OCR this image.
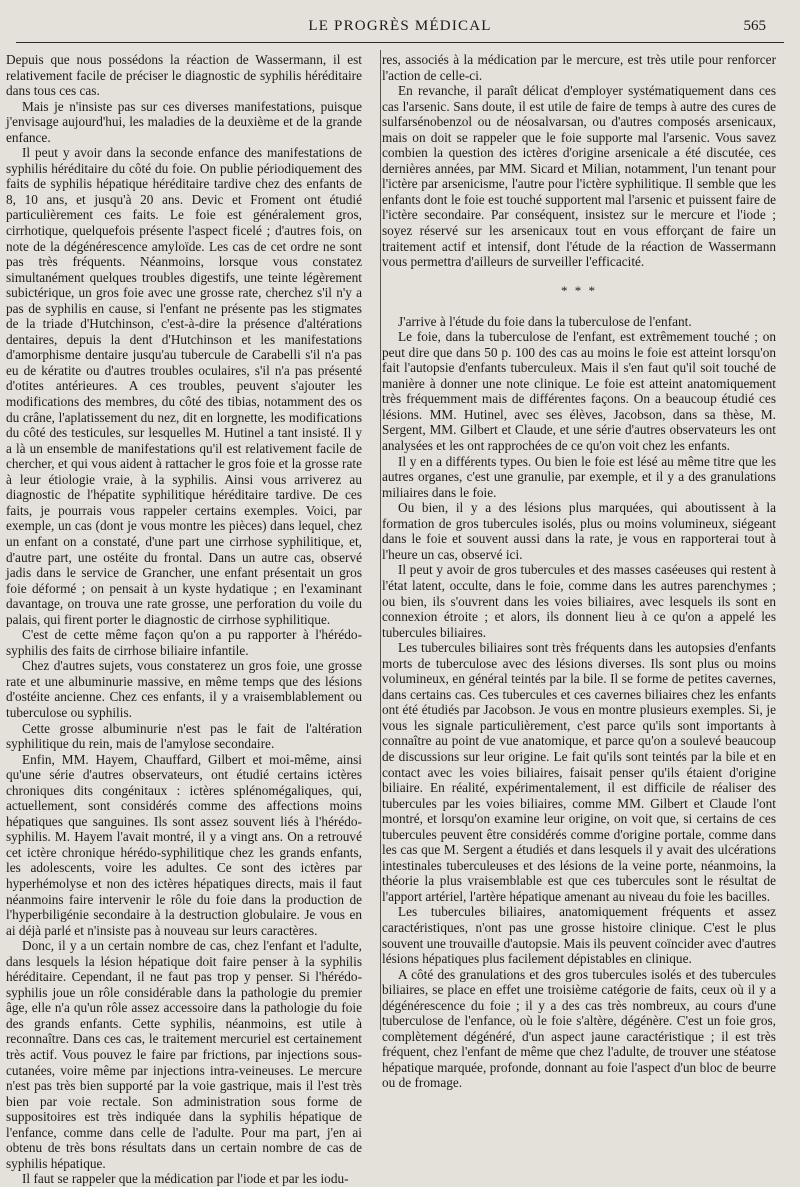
LE PROGRÈS MÉDICAL	565

Depuis que nous possédons la réaction de Wassermann, il est relativement facile de préciser le diagnostic de syphilis héréditaire dans tous ces cas.

Mais je n'insiste pas sur ces diverses manifestations, puisque j'envisage aujourd'hui, les maladies de la deuxième et de la grande enfance.

Il peut y avoir dans la seconde enfance des manifestations de syphilis héréditaire du côté du foie. On publie périodiquement des faits de syphilis hépatique héréditaire tardive chez des enfants de 8, 10 ans, et jusqu'à 20 ans. Devic et Froment ont étudié particulièrement ces faits. Le foie est généralement gros, cirrhotique, quelquefois présente l'aspect ficelé ; d'autres fois, on note de la dégénérescence amyloïde. Les cas de cet ordre ne sont pas très fréquents. Néanmoins, lorsque vous constatez simultanément quelques troubles digestifs, une teinte légèrement subictérique, un gros foie avec une grosse rate, cherchez s'il n'y a pas de syphilis en cause, si l'enfant ne présente pas les stigmates de la triade d'Hutchinson, c'est-à-dire la présence d'altérations dentaires, depuis la dent d'Hutchinson et les manifestations d'amorphisme dentaire jusqu'au tubercule de Carabelli s'il n'a pas eu de kératite ou d'autres troubles oculaires, s'il n'a pas présenté d'otites antérieures. A ces troubles, peuvent s'ajouter les modifications des membres, du côté des tibias, notamment des os du crâne, l'aplatissement du nez, dit en lorgnette, les modifications du côté des testicules, sur lesquelles M. Hutinel a tant insisté. Il y a là un ensemble de manifestations qu'il est relativement facile de chercher, et qui vous aident à rattacher le gros foie et la grosse rate à leur étiologie vraie, à la syphilis. Ainsi vous arriverez au diagnostic de l'hépatite syphilitique héréditaire tardive. De ces faits, je pourrais vous rappeler certains exemples. Voici, par exemple, un cas (dont je vous montre les pièces) dans lequel, chez un enfant on a constaté, d'une part une cirrhose syphilitique, et, d'autre part, une ostéite du frontal. Dans un autre cas, observé jadis dans le service de Grancher, une enfant présentait un gros foie déformé ; on pensait à un kyste hydatique ; en l'examinant davantage, on trouva une rate grosse, une perforation du voile du palais, qui firent porter le diagnostic de cirrhose syphilitique.

C'est de cette même façon qu'on a pu rapporter à l'hérédo-syphilis des faits de cirrhose biliaire infantile.

Chez d'autres sujets, vous constaterez un gros foie, une grosse rate et une albuminurie massive, en même temps que des lésions d'ostéite ancienne. Chez ces enfants, il y a vraisemblablement ou tuberculose ou syphilis.

Cette grosse albuminurie n'est pas le fait de l'altération syphilitique du rein, mais de l'amylose secondaire.

Enfin, MM. Hayem, Chauffard, Gilbert et moi-même, ainsi qu'une série d'autres observateurs, ont étudié certains ictères chroniques dits congénitaux : ictères splénomégaliques, qui, actuellement, sont considérés comme des affections moins hépatiques que sanguines. Ils sont assez souvent liés à l'hérédo-syphilis. M. Hayem l'avait montré, il y a vingt ans. On a retrouvé cet ictère chronique hérédo-syphilitique chez les grands enfants, les adolescents, voire les adultes. Ce sont des ictères par hyperhémolyse et non des ictères hépatiques directs, mais il faut néanmoins faire intervenir le rôle du foie dans la production de l'hyperbiligénie secondaire à la destruction globulaire. Je vous en ai déjà parlé et n'insiste pas à nouveau sur leurs caractères.

Donc, il y a un certain nombre de cas, chez l'enfant et l'adulte, dans lesquels la lésion hépatique doit faire penser à la syphilis héréditaire. Cependant, il ne faut pas trop y penser. Si l'hérédo-syphilis joue un rôle considérable dans la pathologie du premier âge, elle n'a qu'un rôle assez accessoire dans la pathologie du foie des grands enfants. Cette syphilis, néanmoins, est utile à reconnaître. Dans ces cas, le traitement mercuriel est certainement très actif. Vous pouvez le faire par frictions, par injections sous-cutanées, voire même par injections intra-veineuses. Le mercure n'est pas très bien supporté par la voie gastrique, mais il l'est très bien par voie rectale. Son administration sous forme de suppositoires est très indiquée dans la syphilis hépatique de l'enfance, comme dans celle de l'adulte. Pour ma part, j'en ai obtenu de très bons résultats dans un certain nombre de cas de syphilis hépatique.

Il faut se rappeler que la médication par l'iode et par les iodu-

res, associés à la médication par le mercure, est très utile pour renforcer l'action de celle-ci.

En revanche, il paraît délicat d'employer systématiquement dans ces cas l'arsenic. Sans doute, il est utile de faire de temps à autre des cures de sulfarsénobenzol ou de néosalvarsan, ou d'autres composés arsenicaux, mais on doit se rappeler que le foie supporte mal l'arsenic. Vous savez combien la question des ictères d'origine arsenicale a été discutée, ces dernières années, par MM. Sicard et Milian, notamment, l'un tenant pour l'ictère par arsenicisme, l'autre pour l'ictère syphilitique. Il semble que les enfants dont le foie est touché supportent mal l'arsenic et puissent faire de l'ictère secondaire. Par conséquent, insistez sur le mercure et l'iode ; soyez réservé sur les arsenicaux tout en vous efforçant de faire un traitement actif et intensif, dont l'étude de la réaction de Wassermann vous permettra d'ailleurs de surveiller l'efficacité.

* * *

J'arrive à l'étude du foie dans la tuberculose de l'enfant.

Le foie, dans la tuberculose de l'enfant, est extrêmement touché ; on peut dire que dans 50 p. 100 des cas au moins le foie est atteint lorsqu'on fait l'autopsie d'enfants tuberculeux. Mais il s'en faut qu'il soit touché de manière à donner une note clinique. Le foie est atteint anatomiquement très fréquemment mais de différentes façons. On a beaucoup étudié ces lésions. MM. Hutinel, avec ses élèves, Jacobson, dans sa thèse, M. Sergent, MM. Gilbert et Claude, et une série d'autres observateurs les ont analysées et les ont rapprochées de ce qu'on voit chez les enfants.

Il y en a différents types. Ou bien le foie est lésé au même titre que les autres organes, c'est une granulie, par exemple, et il y a des granulations miliaires dans le foie.

Ou bien, il y a des lésions plus marquées, qui aboutissent à la formation de gros tubercules isolés, plus ou moins volumineux, siégeant dans le foie et souvent aussi dans la rate, je vous en rapporterai tout à l'heure un cas, observé ici.

Il peut y avoir de gros tubercules et des masses caséeuses qui restent à l'état latent, occulte, dans le foie, comme dans les autres parenchymes ; ou bien, ils s'ouvrent dans les voies biliaires, avec lesquels ils sont en connexion étroite ; et alors, ils donnent lieu à ce qu'on a appelé les tubercules biliaires.

Les tubercules biliaires sont très fréquents dans les autopsies d'enfants morts de tuberculose avec des lésions diverses. Ils sont plus ou moins volumineux, en général teintés par la bile. Il se forme de petites cavernes, dans certains cas. Ces tubercules et ces cavernes biliaires chez les enfants ont été étudiés par Jacobson. Je vous en montre plusieurs exemples. Si, je vous les signale particulièrement, c'est parce qu'ils sont importants à connaître au point de vue anatomique, et parce qu'on a soulevé beaucoup de discussions sur leur origine. Le fait qu'ils sont teintés par la bile et en contact avec les voies biliaires, faisait penser qu'ils étaient d'origine biliaire. En réalité, expérimentalement, il est difficile de réaliser des tubercules par les voies biliaires, comme MM. Gilbert et Claude l'ont montré, et lorsqu'on examine leur origine, on voit que, si certains de ces tubercules peuvent être considérés comme d'origine portale, comme dans les cas que M. Sergent a étudiés et dans lesquels il y avait des ulcérations intestinales tuberculeuses et des lésions de la veine porte, néanmoins, la théorie la plus vraisemblable est que ces tubercules sont le résultat de l'apport artériel, l'artère hépatique amenant au niveau du foie les bacilles.

Les tubercules biliaires, anatomiquement fréquents et assez caractéristiques, n'ont pas une grosse histoire clinique. C'est le plus souvent une trouvaille d'autopsie. Mais ils peuvent coïncider avec d'autres lésions hépatiques plus facilement dépistables en clinique.

A côté des granulations et des gros tubercules isolés et des tubercules biliaires, se place en effet une troisième catégorie de faits, ceux où il y a dégénérescence du foie ; il y a des cas très nombreux, au cours d'une tuberculose de l'enfance, où le foie s'altère, dégénère. C'est un foie gros, complètement dégénéré, d'un aspect jaune caractéristique ; il est très fréquent, chez l'enfant de même que chez l'adulte, de trouver une stéatose hépatique marquée, profonde, donnant au foie l'aspect d'un bloc de beurre ou de fromage.
